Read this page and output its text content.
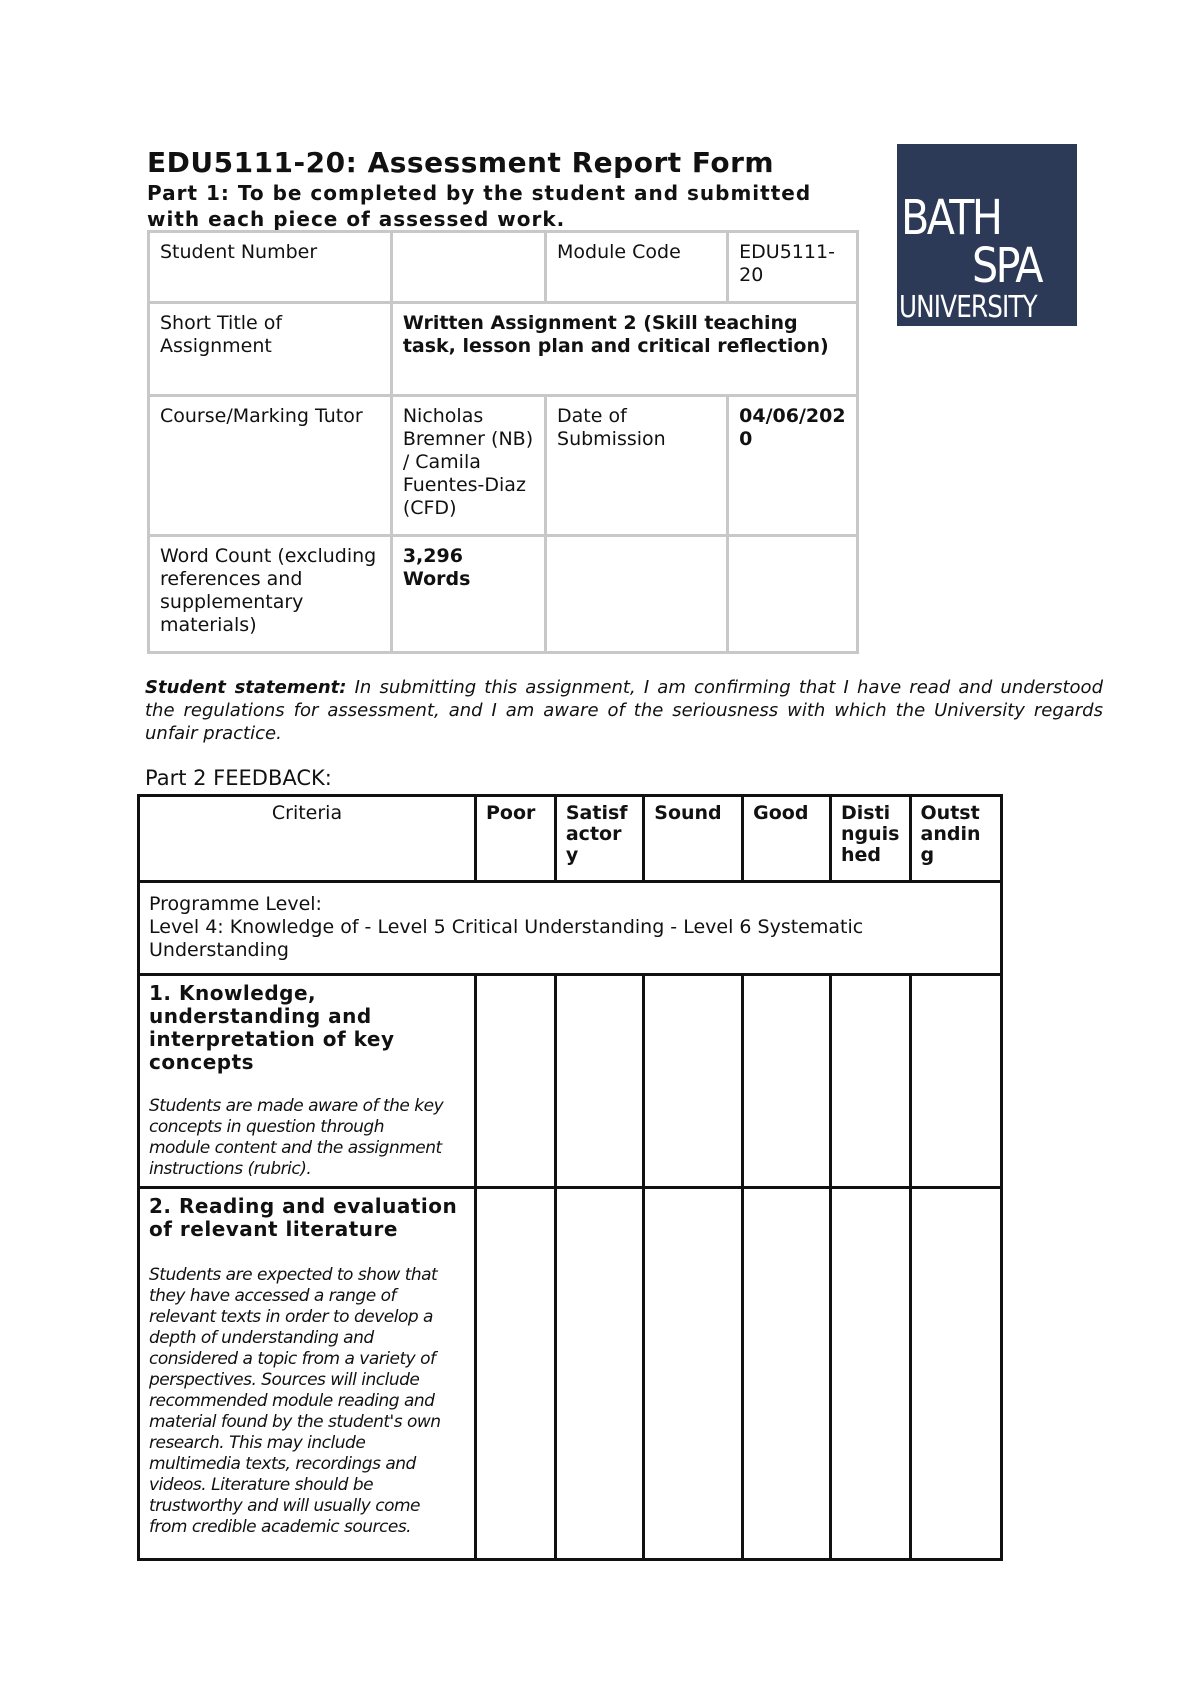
EDU5111-20: Assessment Report Form

Part 1: To be completed by the student and submitted with each piece of assessed work.	BATH
SPA
UNIVERSITY
Student Number		Module Code	EDU5111-20
Short Title of Assignment	Written Assignment 2 (Skill teaching task, lesson plan and critical reflection)		
Course/Marking Tutor	Nicholas Bremner (NB) / Camila Fuentes-Diaz (CFD)	Date of Submission	04/06/2020
Word Count (excluding references and supplementary materials)	3,296 Words		

Student statement: In submitting this assignment, I am confirming that I have read and understood the regulations for assessment, and I am aware of the seriousness with which the University regards unfair practice.

Part 2 FEEDBACK:

Criteria	Poor	Satisfactory	Sound	Good	Distinguished	Outstanding

Programme Level:
Level 4: Knowledge of - Level 5 Critical Understanding - Level 6 Systematic Understanding						

1. Knowledge, understanding and interpretation of key concepts

Students are made aware of the key concepts in question through module content and the assignment instructions (rubric).						

2. Reading and evaluation of relevant literature

Students are expected to show that they have accessed a range of relevant texts in order to develop a depth of understanding and considered a topic from a variety of perspectives. Sources will include recommended module reading and material found by the student's own research. This may include multimedia texts, recordings and videos. Literature should be trustworthy and will usually come from credible academic sources.						
